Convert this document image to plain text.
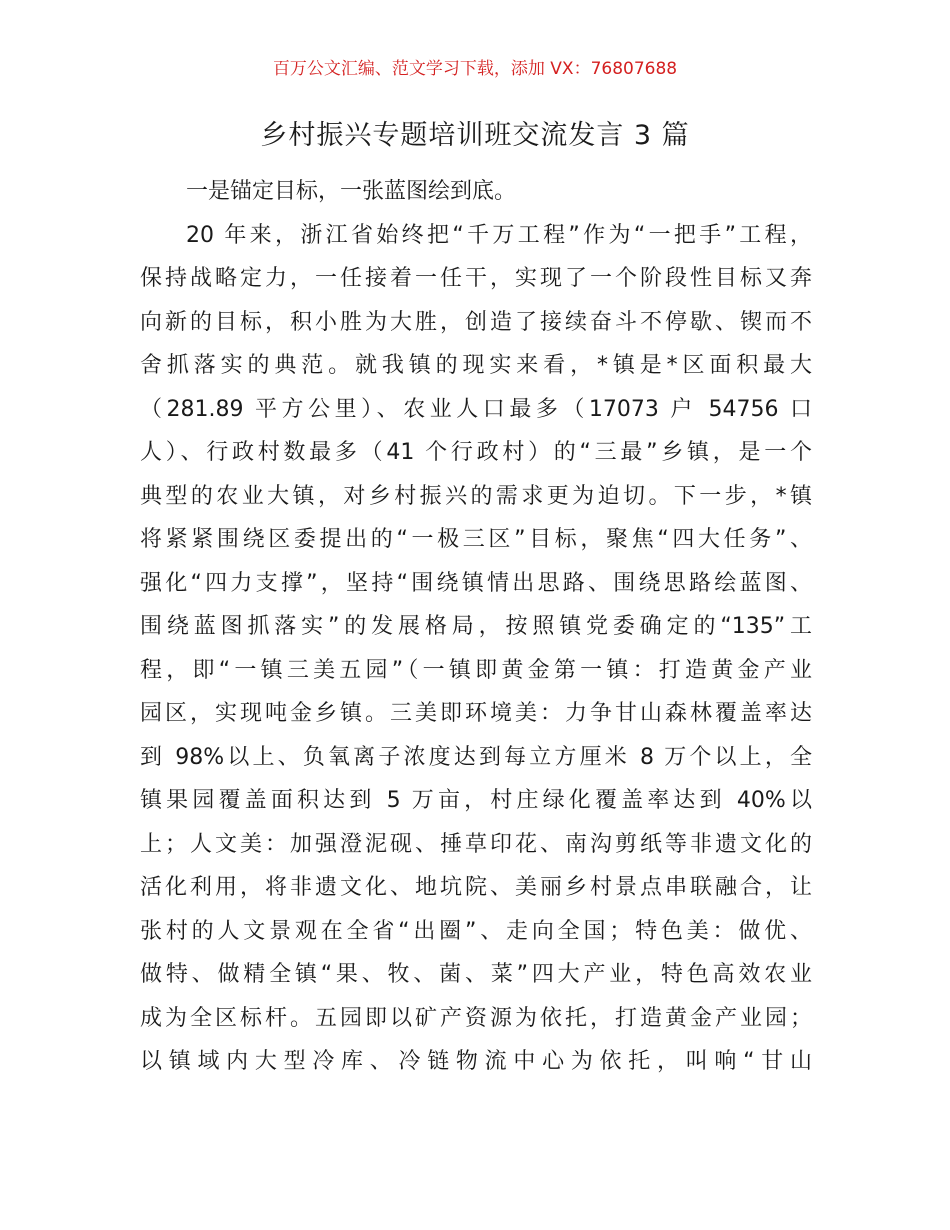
百万公文汇编、范文学习下载，添加 VX：76807688
乡村振兴专题培训班交流发言 3 篇
一是锚定目标，一张蓝图绘到底。
20 年来，浙江省始终把“千万工程”作为“一把手”工程，
保持战略定力，一任接着一任干，实现了一个阶段性目标又奔
向新的目标，积小胜为大胜，创造了接续奋斗不停歇、锲而不
舍抓落实的典范。就我镇的现实来看，*镇是*区面积最大
（281.89 平方公里）、农业人口最多（17073 户 54756 口
人）、行政村数最多（41 个行政村）的“三最”乡镇，是一个
典型的农业大镇，对乡村振兴的需求更为迫切。下一步，*镇
将紧紧围绕区委提出的“一极三区”目标，聚焦“四大任务”、
强化“四力支撑”，坚持“围绕镇情出思路、围绕思路绘蓝图、
围绕蓝图抓落实”的发展格局，按照镇党委确定的“135”工
程，即“一镇三美五园”（一镇即黄金第一镇：打造黄金产业
园区，实现吨金乡镇。三美即环境美：力争甘山森林覆盖率达
到 98%以上、负氧离子浓度达到每立方厘米 8 万个以上，全
镇果园覆盖面积达到 5 万亩，村庄绿化覆盖率达到 40%以
上；人文美：加强澄泥砚、捶草印花、南沟剪纸等非遗文化的
活化利用，将非遗文化、地坑院、美丽乡村景点串联融合，让
张村的人文景观在全省“出圈”、走向全国；特色美：做优、
做特、做精全镇“果、牧、菌、菜”四大产业，特色高效农业
成为全区标杆。五园即以矿产资源为依托，打造黄金产业园；
以镇域内大型冷库、冷链物流中心为依托，叫响“甘山
